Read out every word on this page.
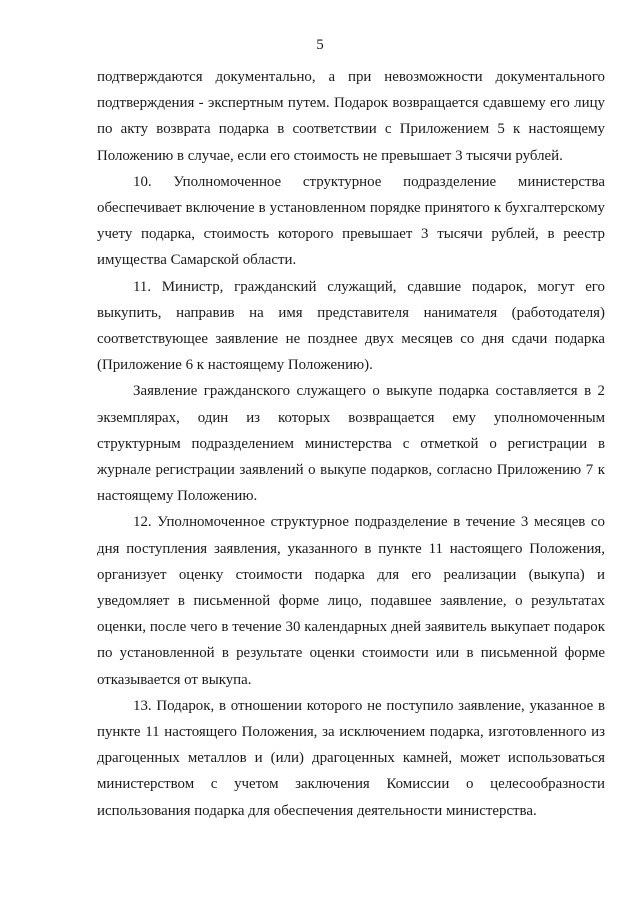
5

подтверждаются документально, а при невозможности документального подтверждения - экспертным путем. Подарок возвращается сдавшему его лицу по акту возврата подарка в соответствии с Приложением 5 к настоящему Положению в случае, если его стоимость не превышает 3 тысячи рублей.

10. Уполномоченное структурное подразделение министерства обеспечивает включение в установленном порядке принятого к бухгалтерскому учету подарка, стоимость которого превышает 3 тысячи рублей, в реестр имущества Самарской области.

11. Министр, гражданский служащий, сдавшие подарок, могут его выкупить, направив на имя представителя нанимателя (работодателя) соответствующее заявление не позднее двух месяцев со дня сдачи подарка (Приложение 6 к настоящему Положению).

Заявление гражданского служащего о выкупе подарка составляется в 2 экземплярах, один из которых возвращается ему уполномоченным структурным подразделением министерства с отметкой о регистрации в журнале регистрации заявлений о выкупе подарков, согласно Приложению 7 к настоящему Положению.

12. Уполномоченное структурное подразделение в течение 3 месяцев со дня поступления заявления, указанного в пункте 11 настоящего Положения, организует оценку стоимости подарка для его реализации (выкупа) и уведомляет в письменной форме лицо, подавшее заявление, о результатах оценки, после чего в течение 30 календарных дней заявитель выкупает подарок по установленной в результате оценки стоимости или в письменной форме отказывается от выкупа.

13. Подарок, в отношении которого не поступило заявление, указанное в пункте 11 настоящего Положения, за исключением подарка, изготовленного из драгоценных металлов и (или) драгоценных камней, может использоваться министерством с учетом заключения Комиссии о целесообразности использования подарка для обеспечения деятельности министерства.
